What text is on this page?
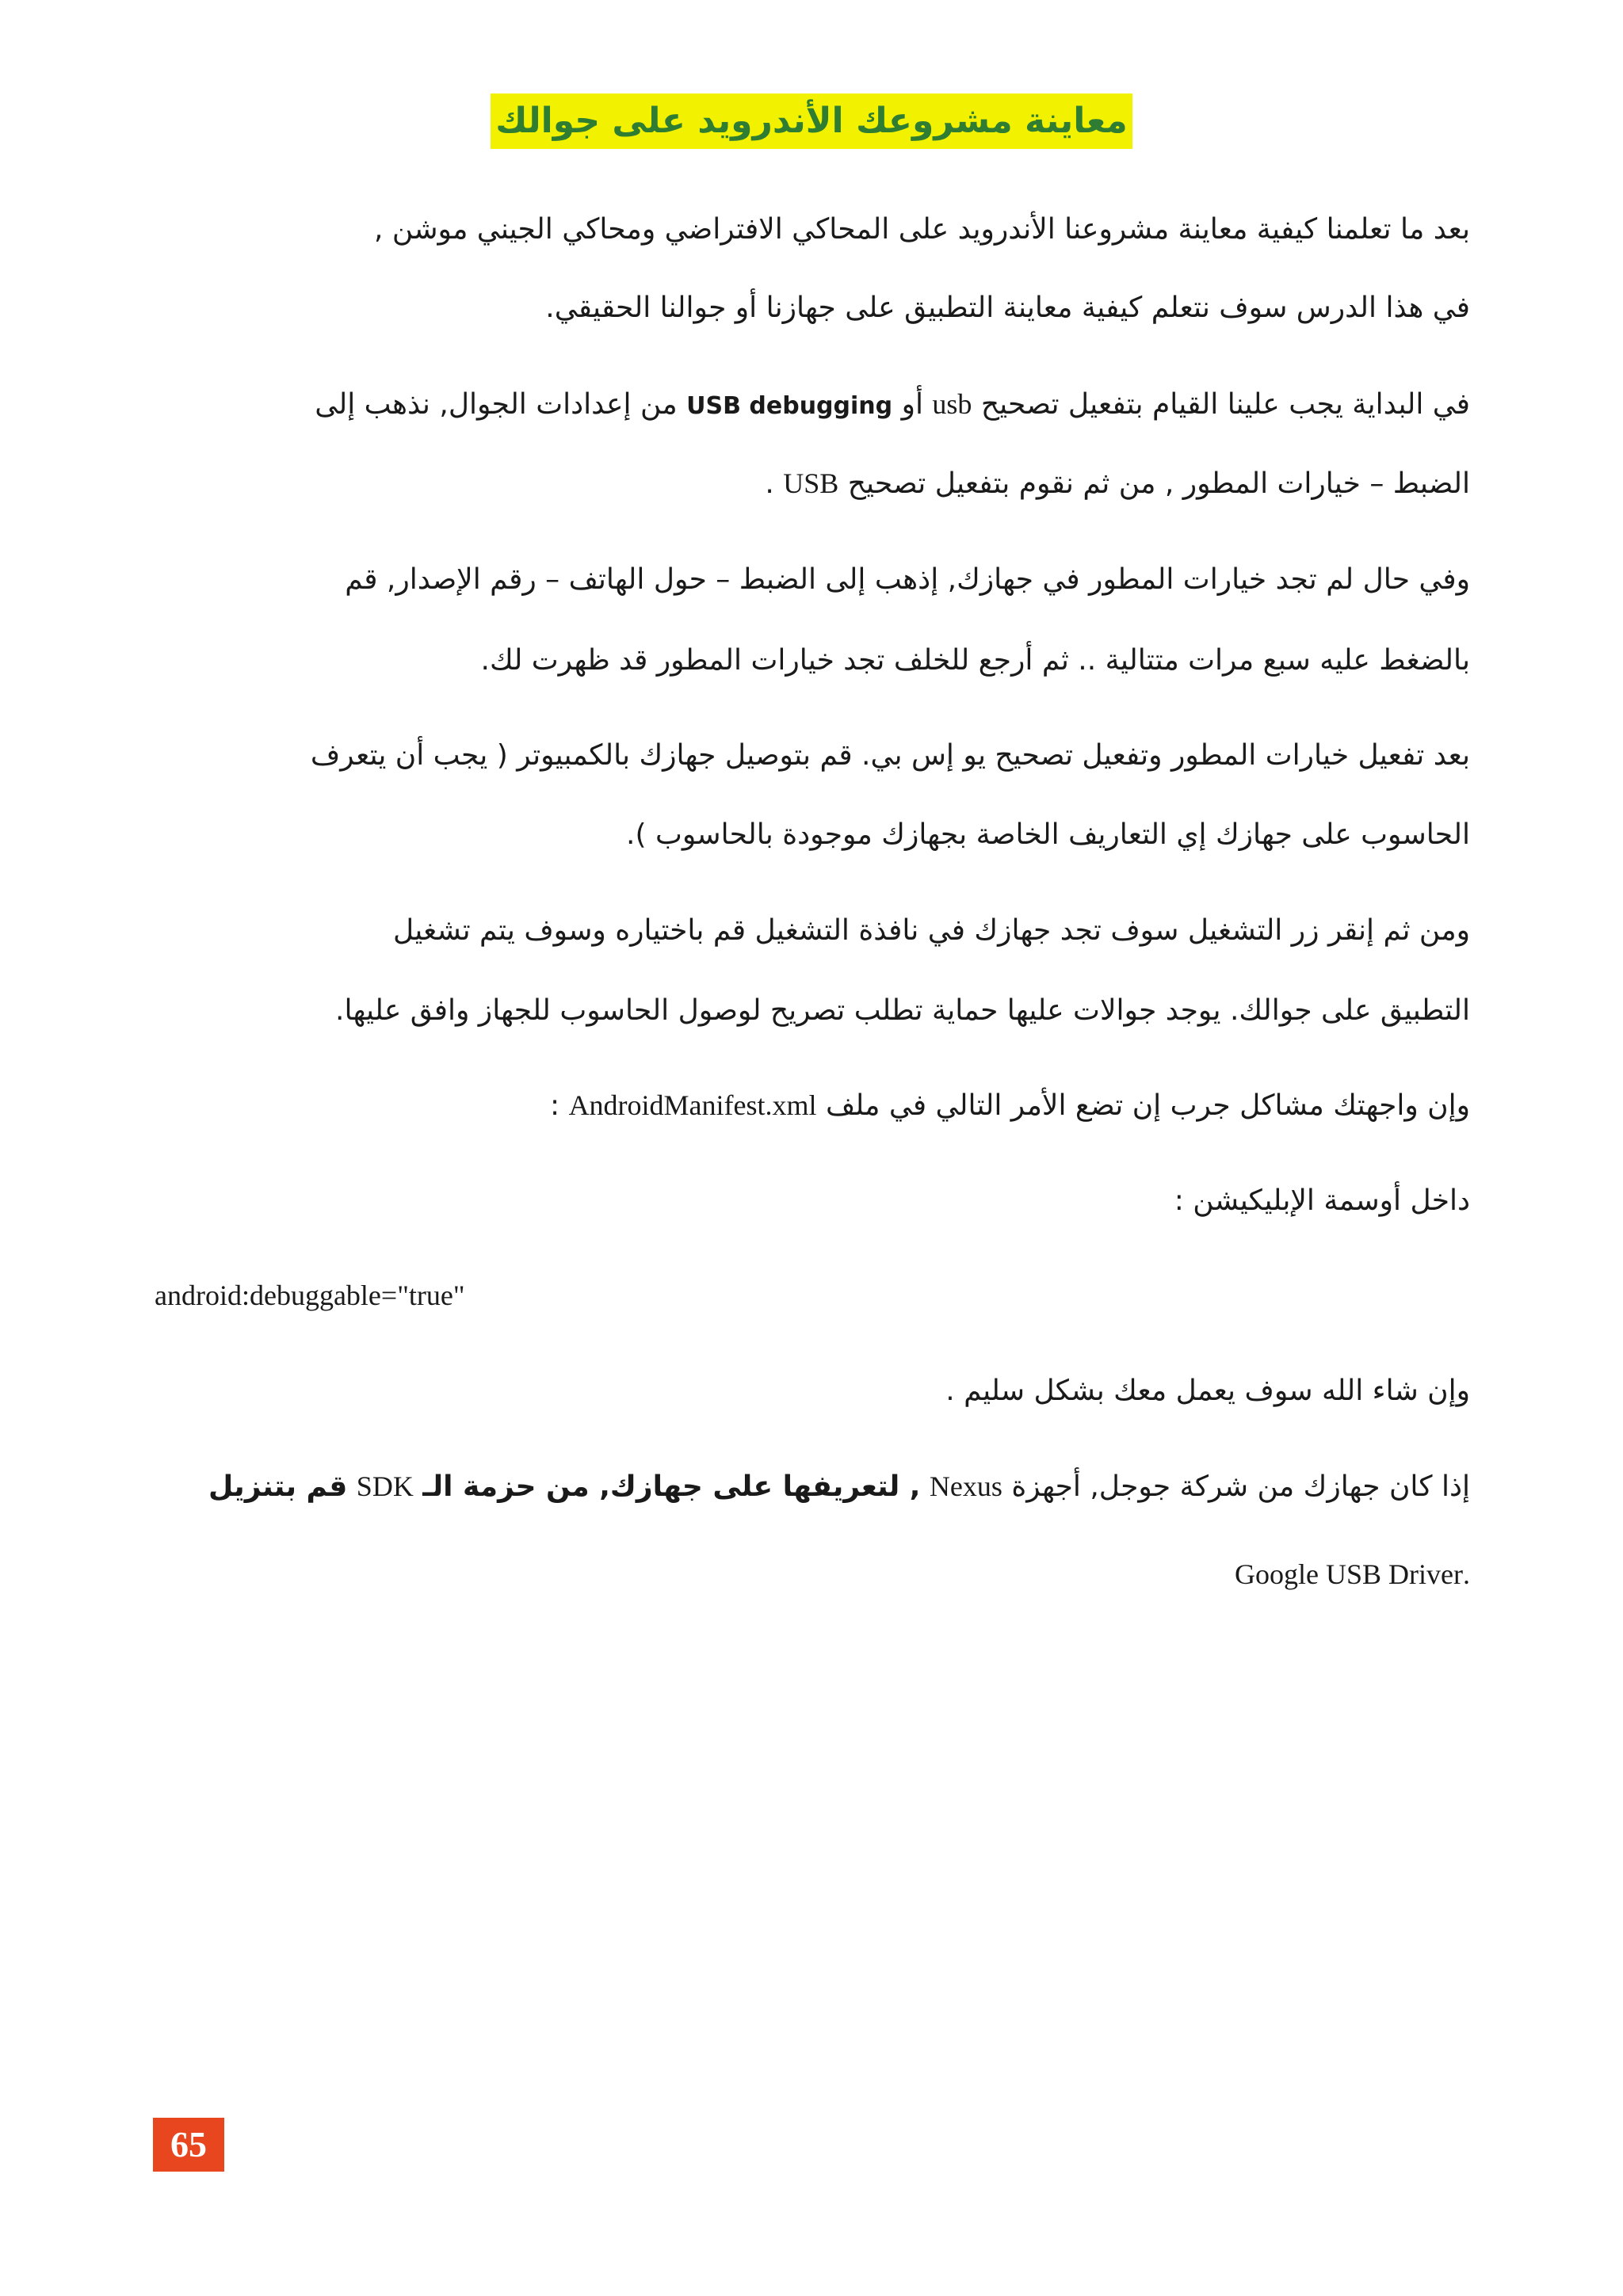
معاينة مشروعك الأندرويد على جوالك
بعد ما تعلمنا كيفية معاينة مشروعنا الأندرويد على المحاكي الافتراضي ومحاكي الجيني موشن ,
في هذا الدرس سوف نتعلم كيفية معاينة التطبيق على جهازنا أو جوالنا الحقيقي.
في البداية يجب علينا القيام بتفعيل تصحيح usb أو USB debugging من إعدادات الجوال, نذهب إلى
الضبط – خيارات المطور , من ثم نقوم بتفعيل تصحيح USB .
وفي حال لم تجد خيارات المطور في جهازك, إذهب إلى الضبط – حول الهاتف – رقم الإصدار, قم
بالضغط عليه سبع مرات متتالية .. ثم أرجع للخلف تجد خيارات المطور قد ظهرت لك.
بعد تفعيل خيارات المطور وتفعيل تصحيح يو إس بي. قم بتوصيل جهازك بالكمبيوتر ( يجب أن يتعرف
الحاسوب على جهازك إي التعاريف الخاصة بجهازك موجودة بالحاسوب ).
ومن ثم إنقر زر التشغيل سوف تجد جهازك في نافذة التشغيل قم باختياره وسوف يتم تشغيل
التطبيق على جوالك. يوجد جوالات عليها حماية تطلب تصريح لوصول الحاسوب للجهاز وافق عليها.
وإن واجهتك مشاكل جرب إن تضع الأمر التالي في ملف AndroidManifest.xml :
داخل أوسمة الإبليكيشن :
android:debuggable="true"
وإن شاء الله سوف يعمل معك بشكل سليم .
إذا كان جهازك من شركة جوجل, أجهزة Nexus , لتعريفها على جهازك, من حزمة الـ SDK قم بتنزيل
.Google USB Driver
65
